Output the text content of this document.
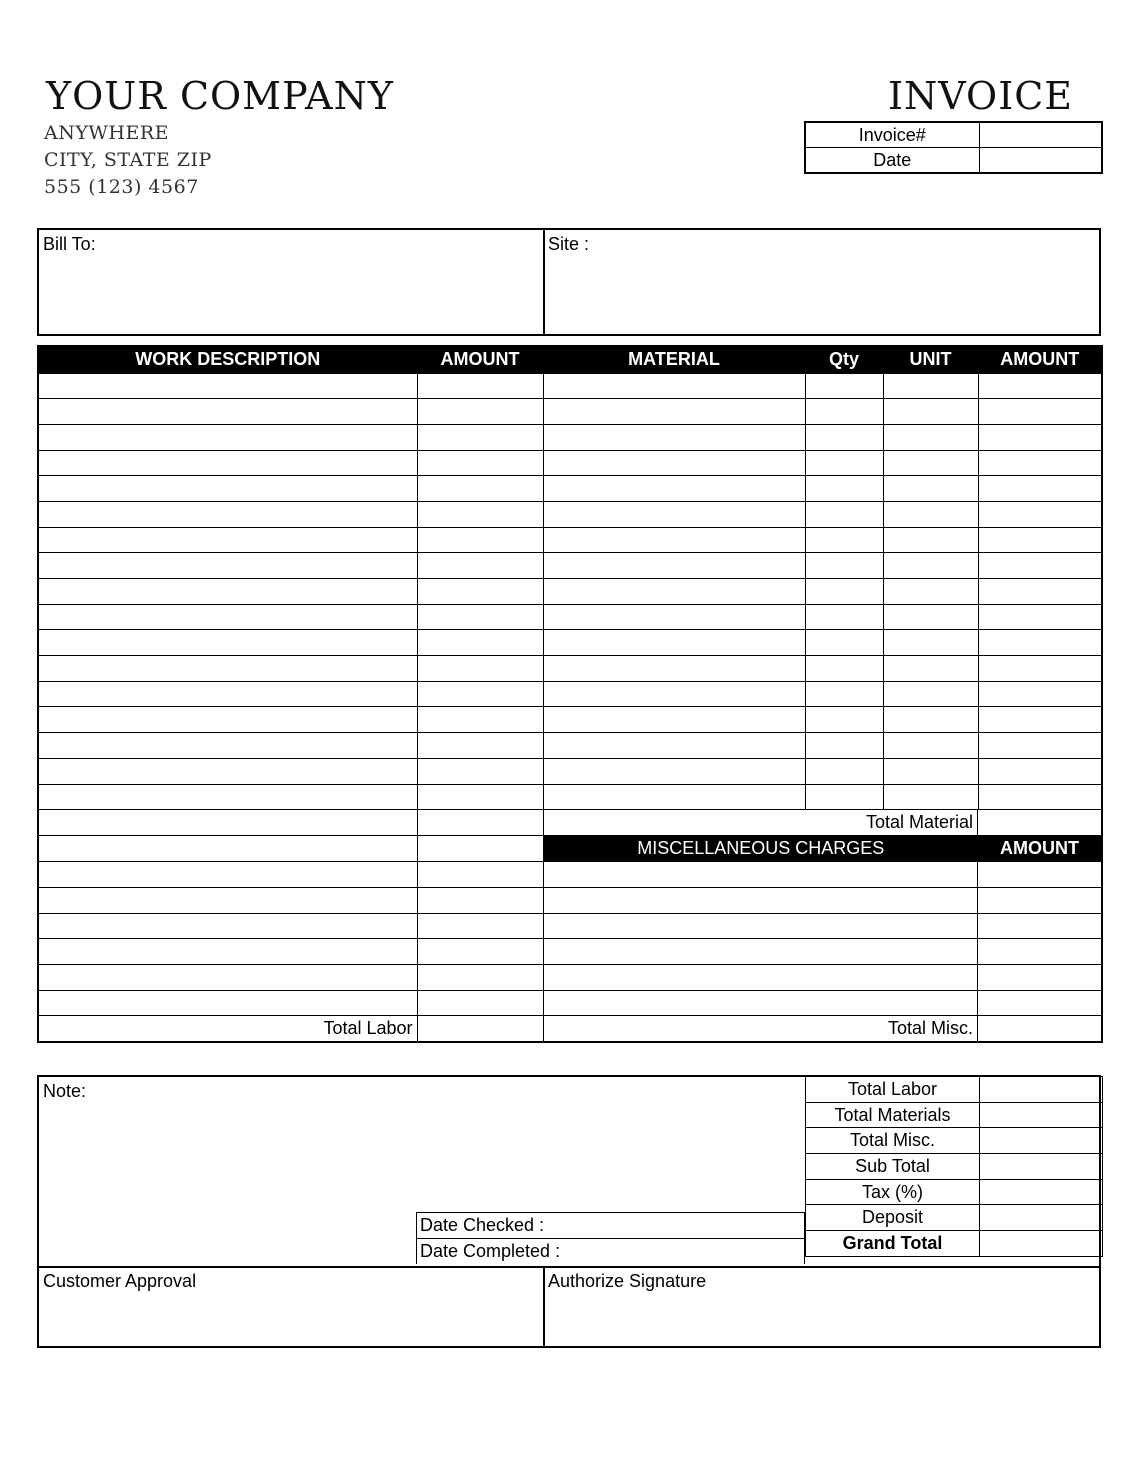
YOUR COMPANY
ANYWHERE
CITY, STATE ZIP
555 (123) 4567
INVOICE
Invoice#	
Date	
Bill To:	Site :
WORK DESCRIPTION	AMOUNT	MATERIAL	Qty	UNIT	AMOUNT

		Total Material			

		MISCELLANEOUS CHARGES AMOUNT			

Total Labor		Total Misc.			
Note:
Date Checked :
Date Completed :
Total Labor	
Total Materials	
Total Misc.	
Sub Total	
Tax (%)	
Deposit	
Grand Total	
Customer Approval	Authorize Signature
